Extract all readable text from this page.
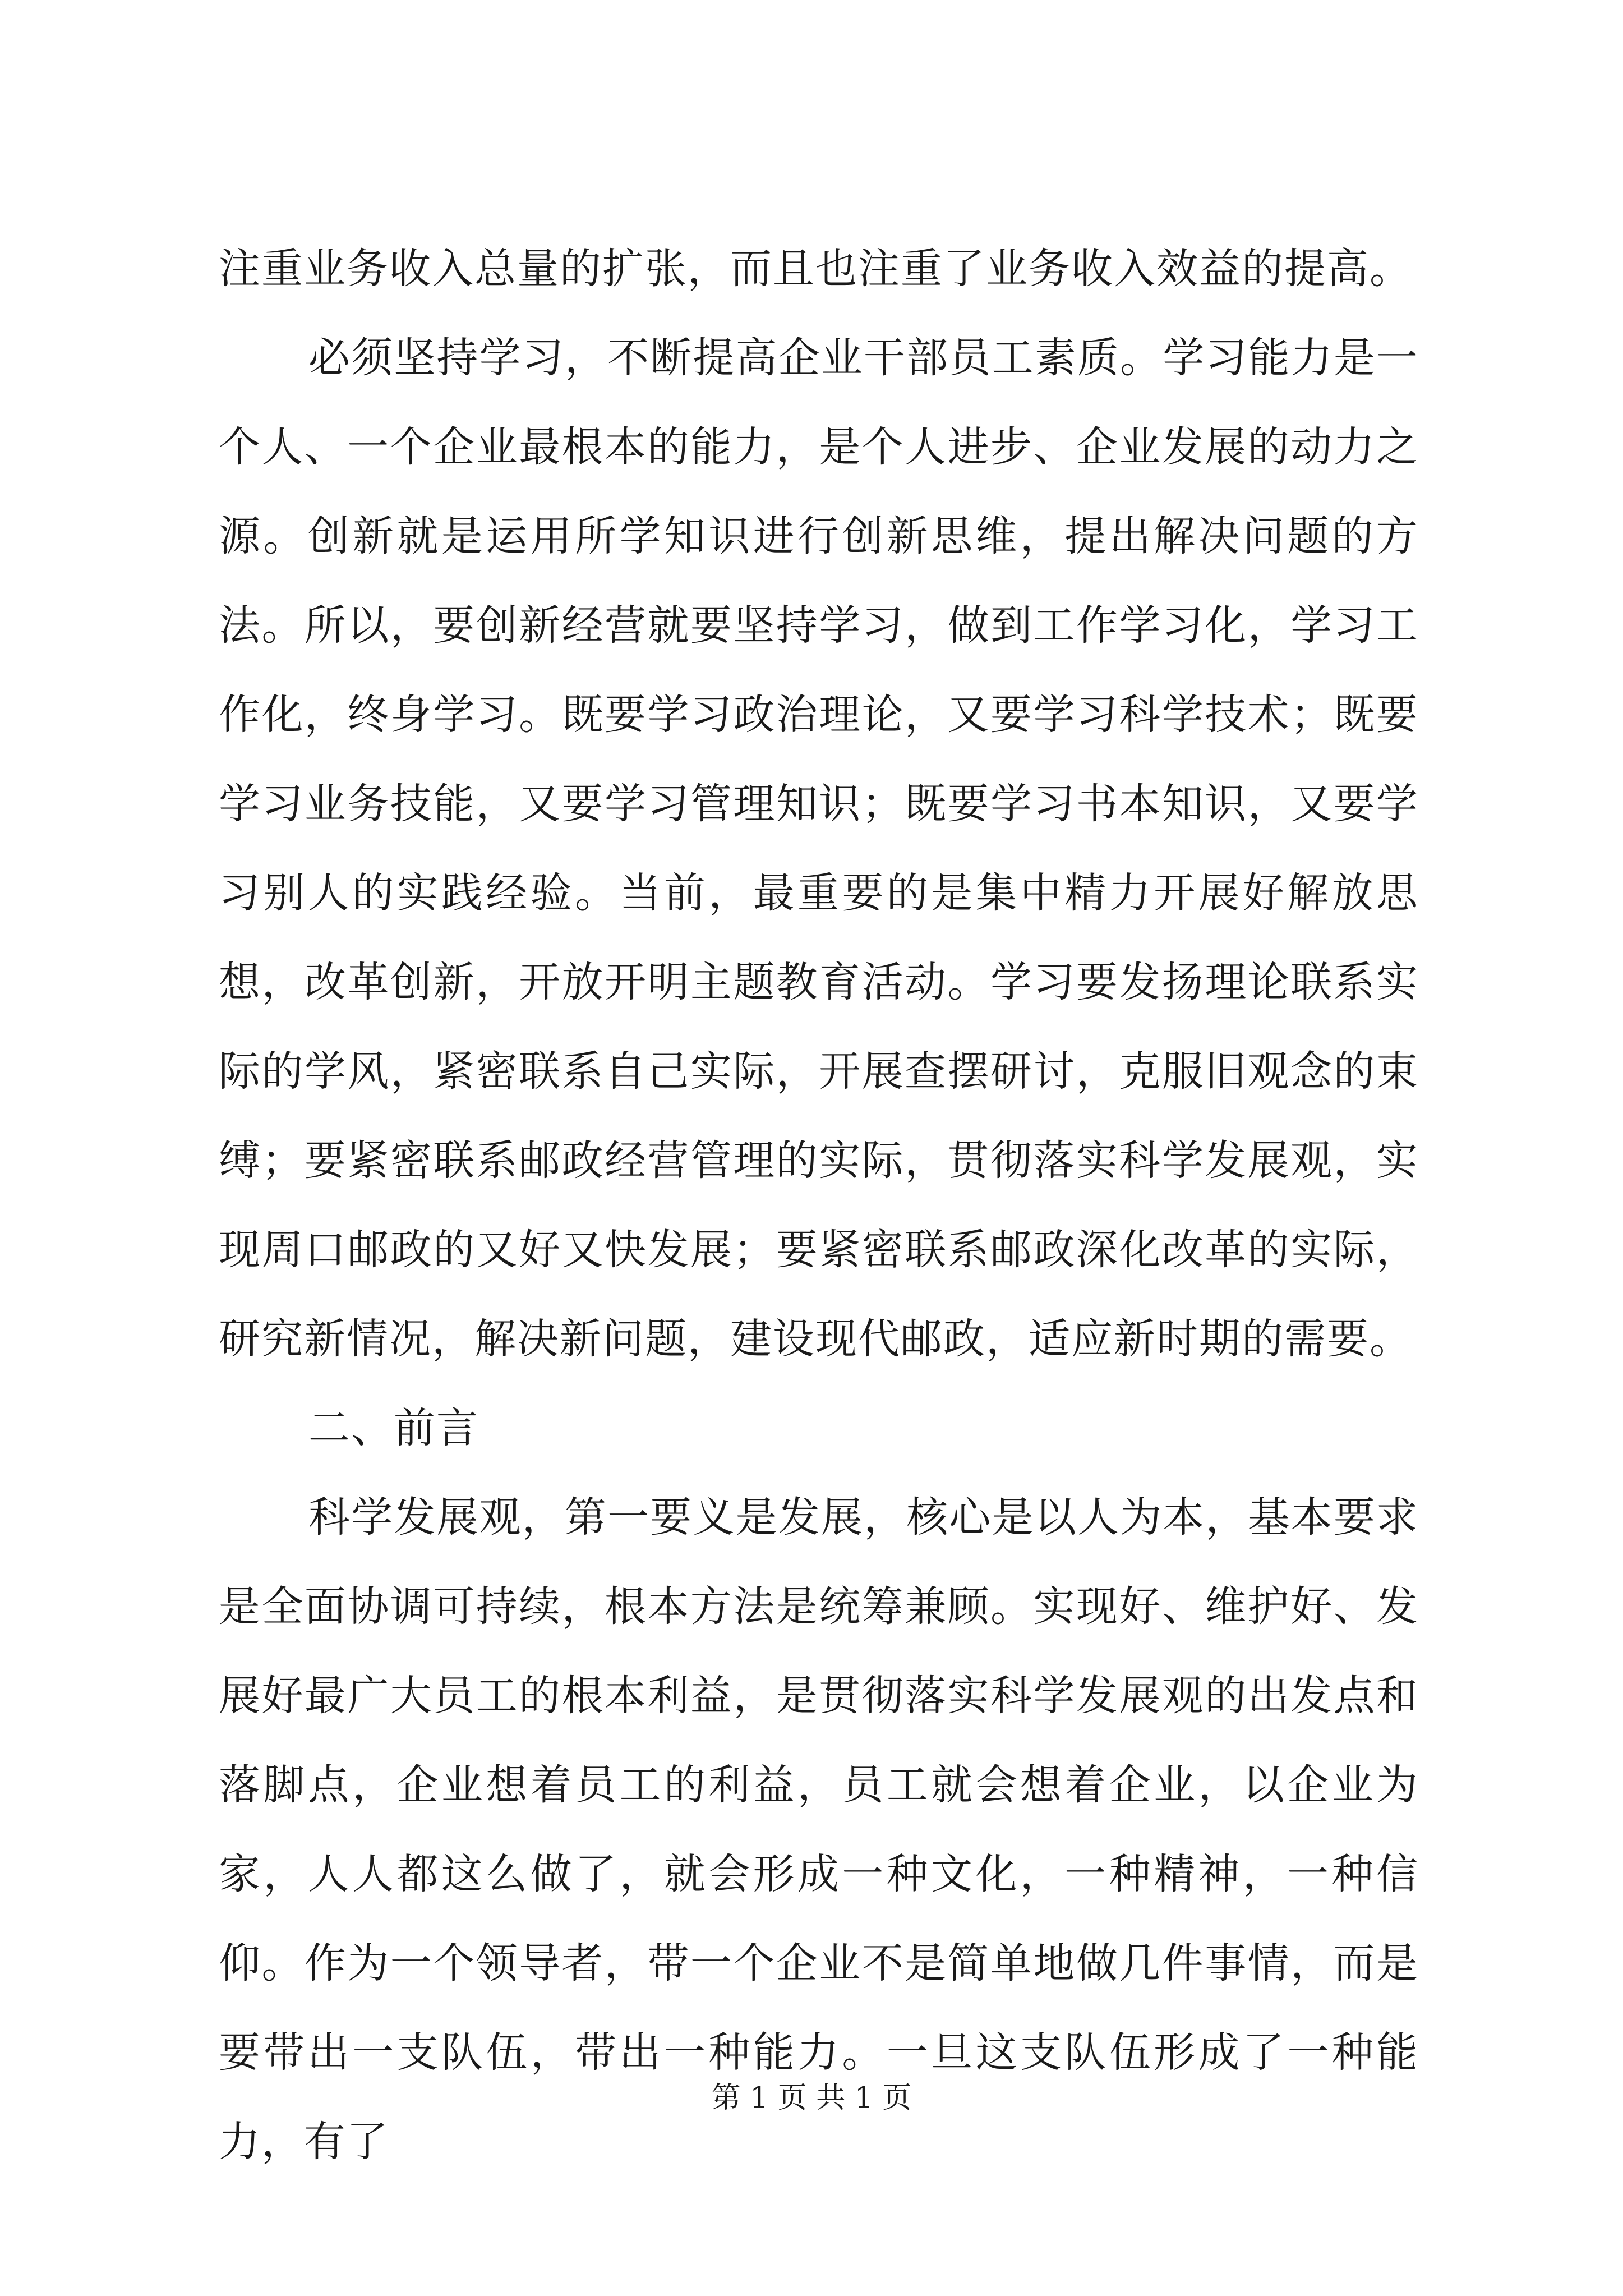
注重业务收入总量的扩张，而且也注重了业务收入效益的提高。

必须坚持学习，不断提高企业干部员工素质。学习能力是一个人、一个企业最根本的能力，是个人进步、企业发展的动力之源。创新就是运用所学知识进行创新思维，提出解决问题的方法。所以，要创新经营就要坚持学习，做到工作学习化，学习工作化，终身学习。既要学习政治理论，又要学习科学技术；既要学习业务技能，又要学习管理知识；既要学习书本知识，又要学习别人的实践经验。当前，最重要的是集中精力开展好解放思想，改革创新，开放开明主题教育活动。学习要发扬理论联系实际的学风，紧密联系自己实际，开展查摆研讨，克服旧观念的束缚；要紧密联系邮政经营管理的实际，贯彻落实科学发展观，实现周口邮政的又好又快发展；要紧密联系邮政深化改革的实际，研究新情况，解决新问题，建设现代邮政，适应新时期的需要。

二、前言

科学发展观，第一要义是发展，核心是以人为本，基本要求是全面协调可持续，根本方法是统筹兼顾。实现好、维护好、发展好最广大员工的根本利益，是贯彻落实科学发展观的出发点和落脚点，企业想着员工的利益，员工就会想着企业，以企业为家，人人都这么做了，就会形成一种文化，一种精神，一种信仰。作为一个领导者，带一个企业不是简单地做几件事情，而是要带出一支队伍，带出一种能力。一旦这支队伍形成了一种能力，有了

第 1 页 共 1 页
